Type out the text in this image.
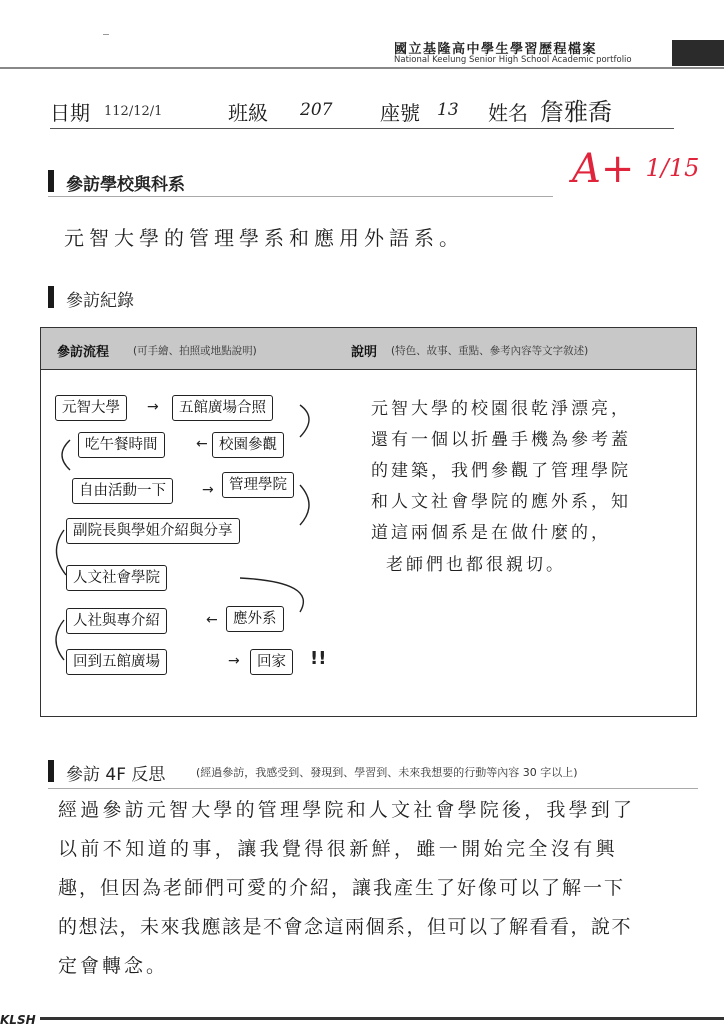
國立基隆高中學生學習歷程檔案
National Keelung Senior High School Academic portfolio
日期 112/12/1	班級 207 座號 13 姓名 詹雅喬
A+ 1/15
參訪學校與科系
元智大學的管理學系和應用外語系。
參訪紀錄
參訪流程 (可手繪、拍照或地點說明)	說明 (特色、故事、重點、參考內容等文字敘述)
元智大學的校園很乾淨漂亮，
還有一個以折疊手機為參考蓋
的建築，我們參觀了管理學院
和人文社會學院的應外系，知
道這兩個系是在做什麼的，
老師們也都很親切。
元智大學	→	五館廣場合照
吃午餐時間	← 校園參觀
自由活動一下	→	管理學院
副院長與學姐介紹與分享
人文社會學院
人社與專介紹	←	應外系
回到五館廣場	→	回家	!!
參訪 4F 反思	(經過參訪，我感受到、發現到、學習到、未來我想要的行動等內容 30 字以上)
經過參訪元智大學的管理學院和人文社會學院後，我學到了
以前不知道的事，讓我覺得很新鮮，雖一開始完全沒有興
趣，但因為老師們可愛的介紹，讓我產生了好像可以了解一下
的想法，未來我應該是不會念這兩個系，但可以了解看看，說不
定會轉念。
KLSH
